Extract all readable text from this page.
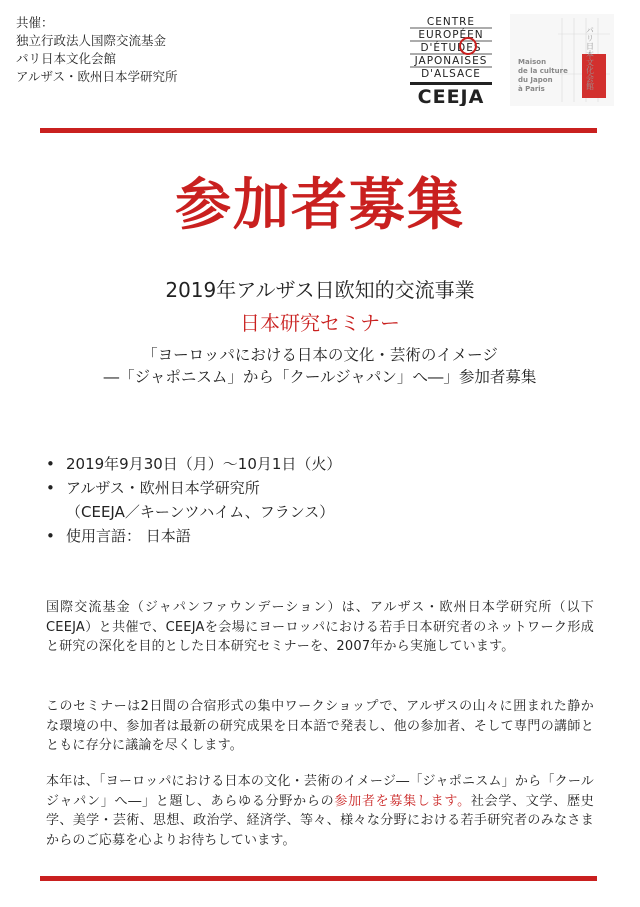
共催：
独立行政法人国際交流基金
パリ日本文化会館
アルザス・欧州日本学研究所
CENTRE
EUROPÉEN
D'ÉTUDES
JAPONAISES
D'ALSACE
CEEJA
パリ日本文化会館
Maison
de la culture
du Japon
à Paris
参加者募集
2019年アルザス日欧知的交流事業
日本研究セミナー
「ヨーロッパにおける日本の文化・芸術のイメージ
―「ジャポニスム」から「クールジャパン」へ―」参加者募集
• 2019年9月30日（月）～10月1日（火）
• アルザス・欧州日本学研究所
（CEEJA／キーンツハイム、フランス）
• 使用言語： 日本語

国際交流基金（ジャパンファウンデーション）は、アルザス・欧州日本学研究所（以下CEEJA）と共催で、CEEJAを会場にヨーロッパにおける若手日本研究者のネットワーク形成と研究の深化を目的とした日本研究セミナーを、2007年から実施しています。

このセミナーは2日間の合宿形式の集中ワークショップで、アルザスの山々に囲まれた静かな環境の中、参加者は最新の研究成果を日本語で発表し、他の参加者、そして専門の講師とともに存分に議論を尽くします。

本年は、「ヨーロッパにおける日本の文化・芸術のイメージ―「ジャポニスム」から「クールジャパン」へ―」と題し、あらゆる分野からの参加者を募集します。社会学、文学、歴史学、美学・芸術、思想、政治学、経済学、等々、様々な分野における若手研究者のみなさまからのご応募を心よりお待ちしています。
